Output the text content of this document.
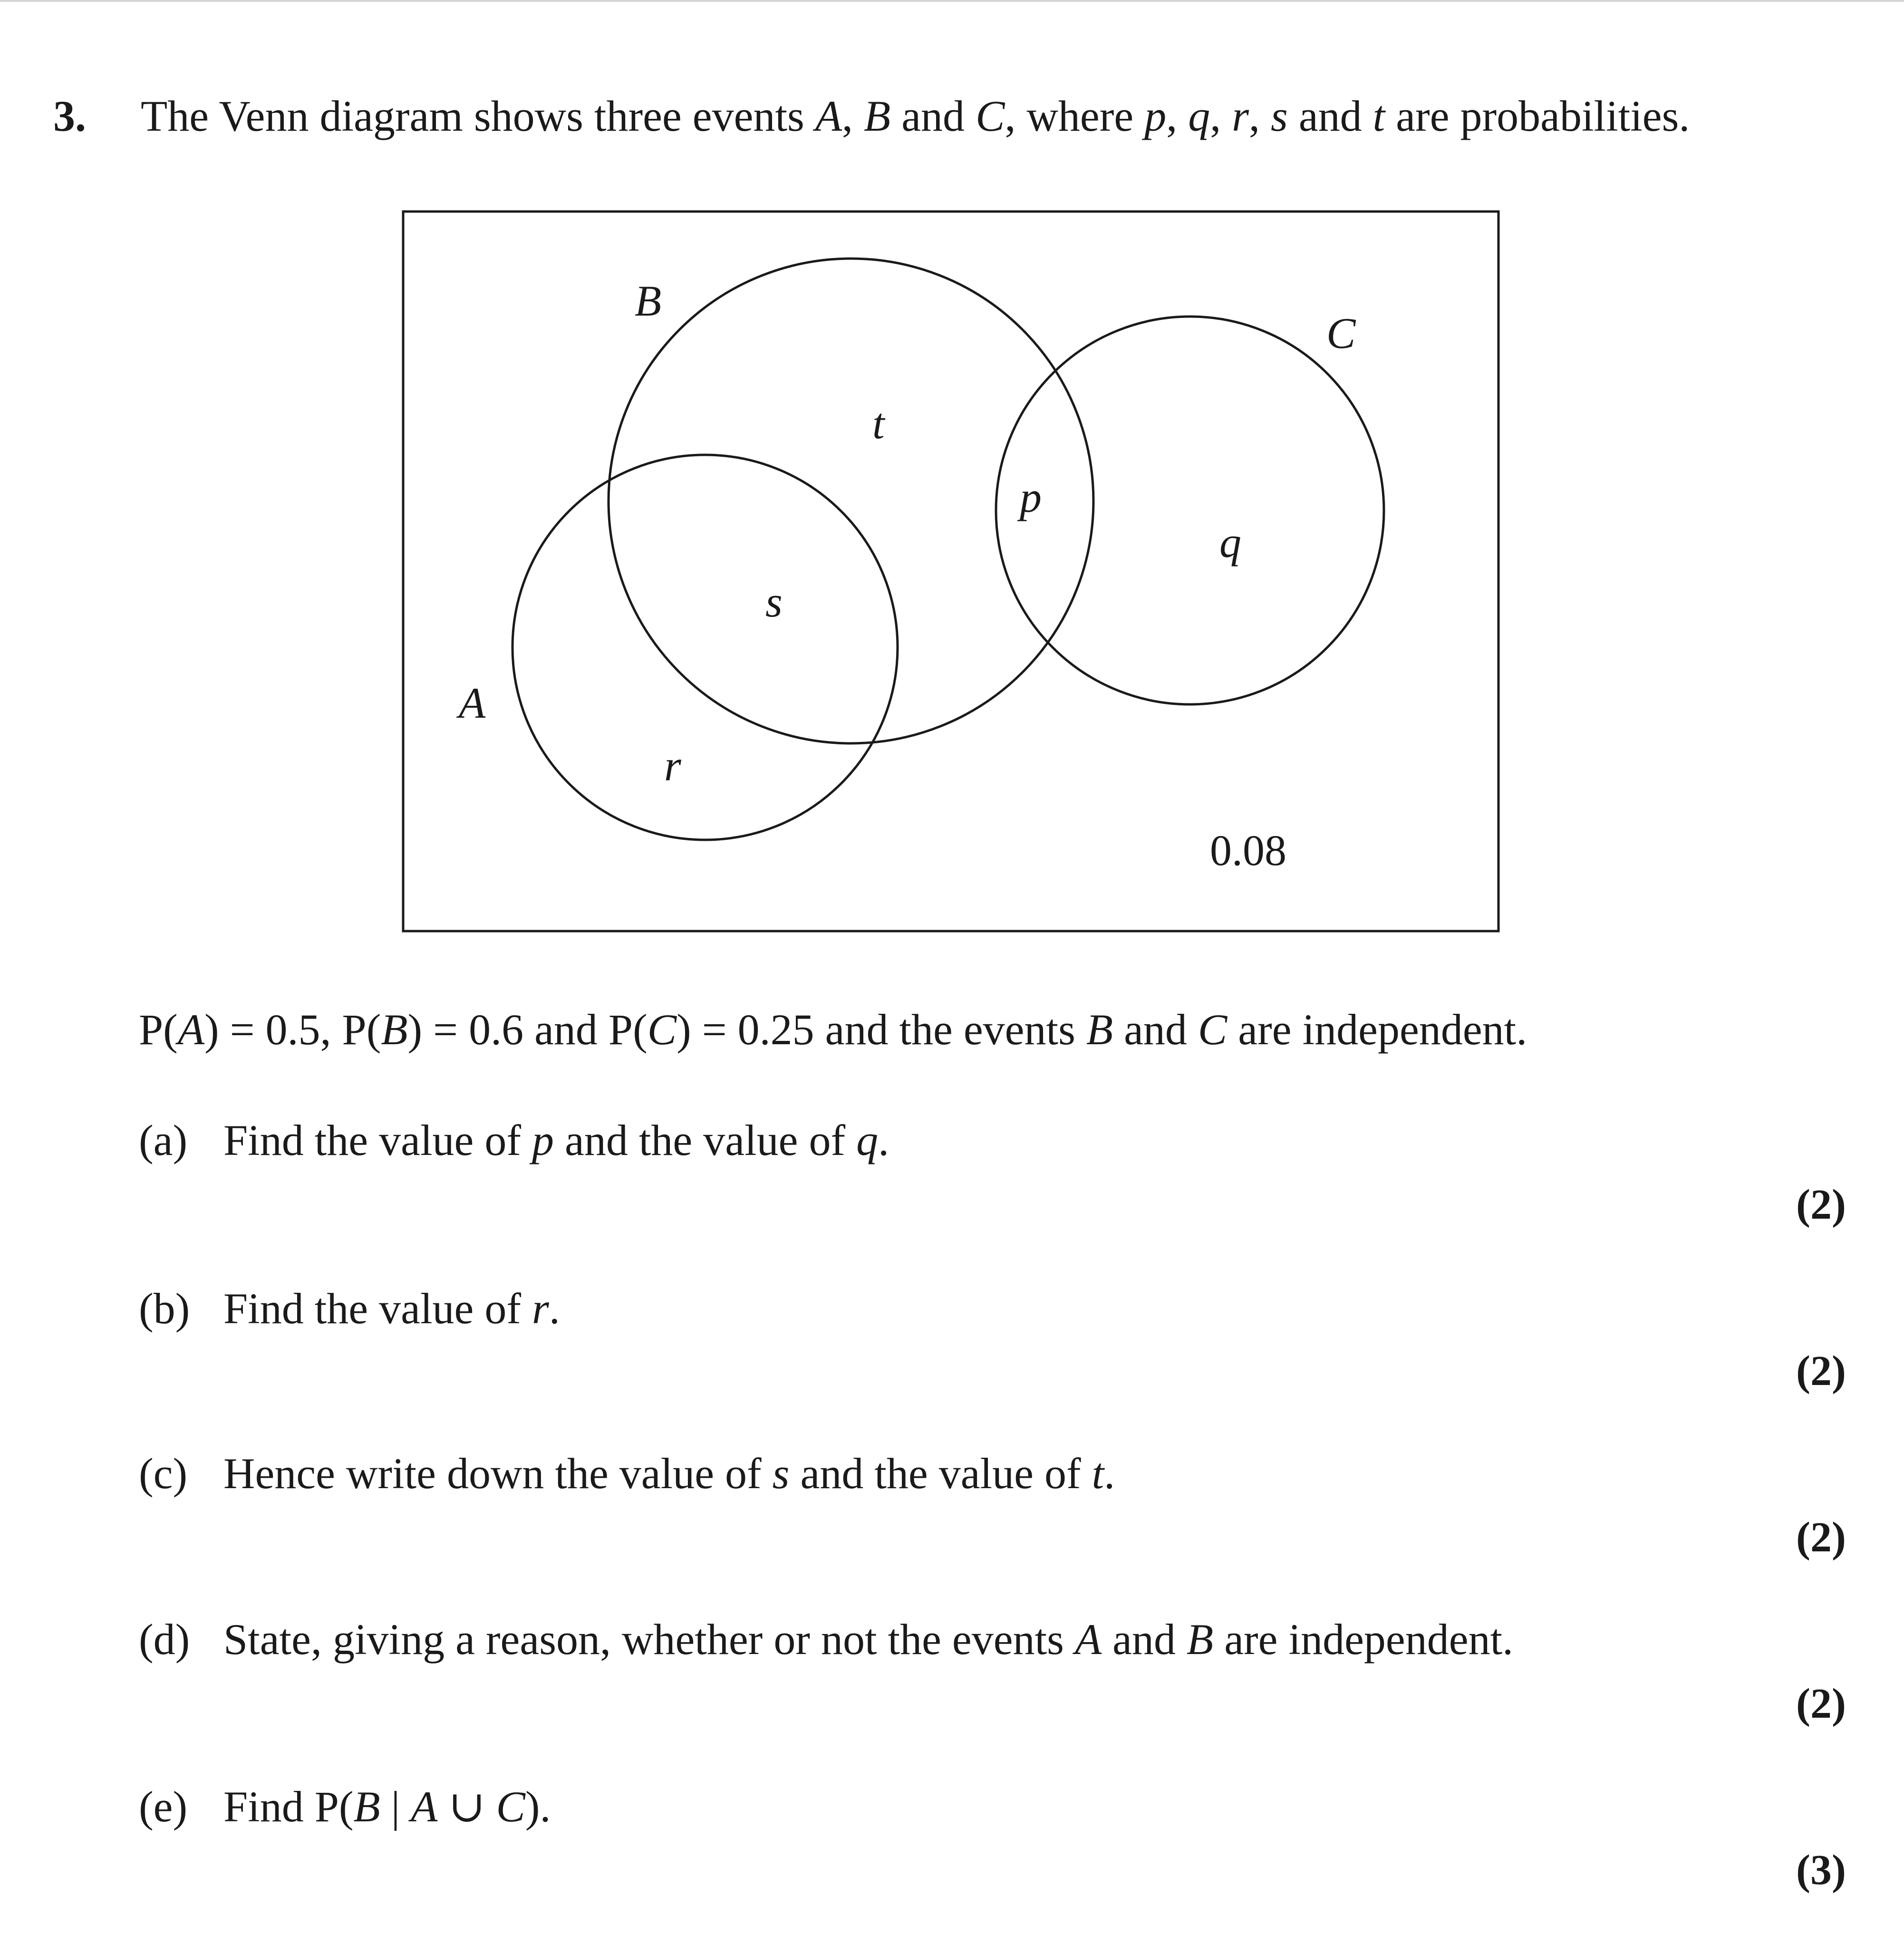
3. The Venn diagram shows three events A, B and C, where p, q, r, s and t are probabilities.
B
C
A
t
p
q
s
r
0.08
P(A) = 0.5, P(B) = 0.6 and P(C) = 0.25 and the events B and C are independent.
(a) Find the value of p and the value of q.
(2)
(b) Find the value of r.
(2)
(c) Hence write down the value of s and the value of t.
(2)
(d) State, giving a reason, whether or not the events A and B are independent.
(2)
(e) Find P(B | A ∪ C).
(3)
